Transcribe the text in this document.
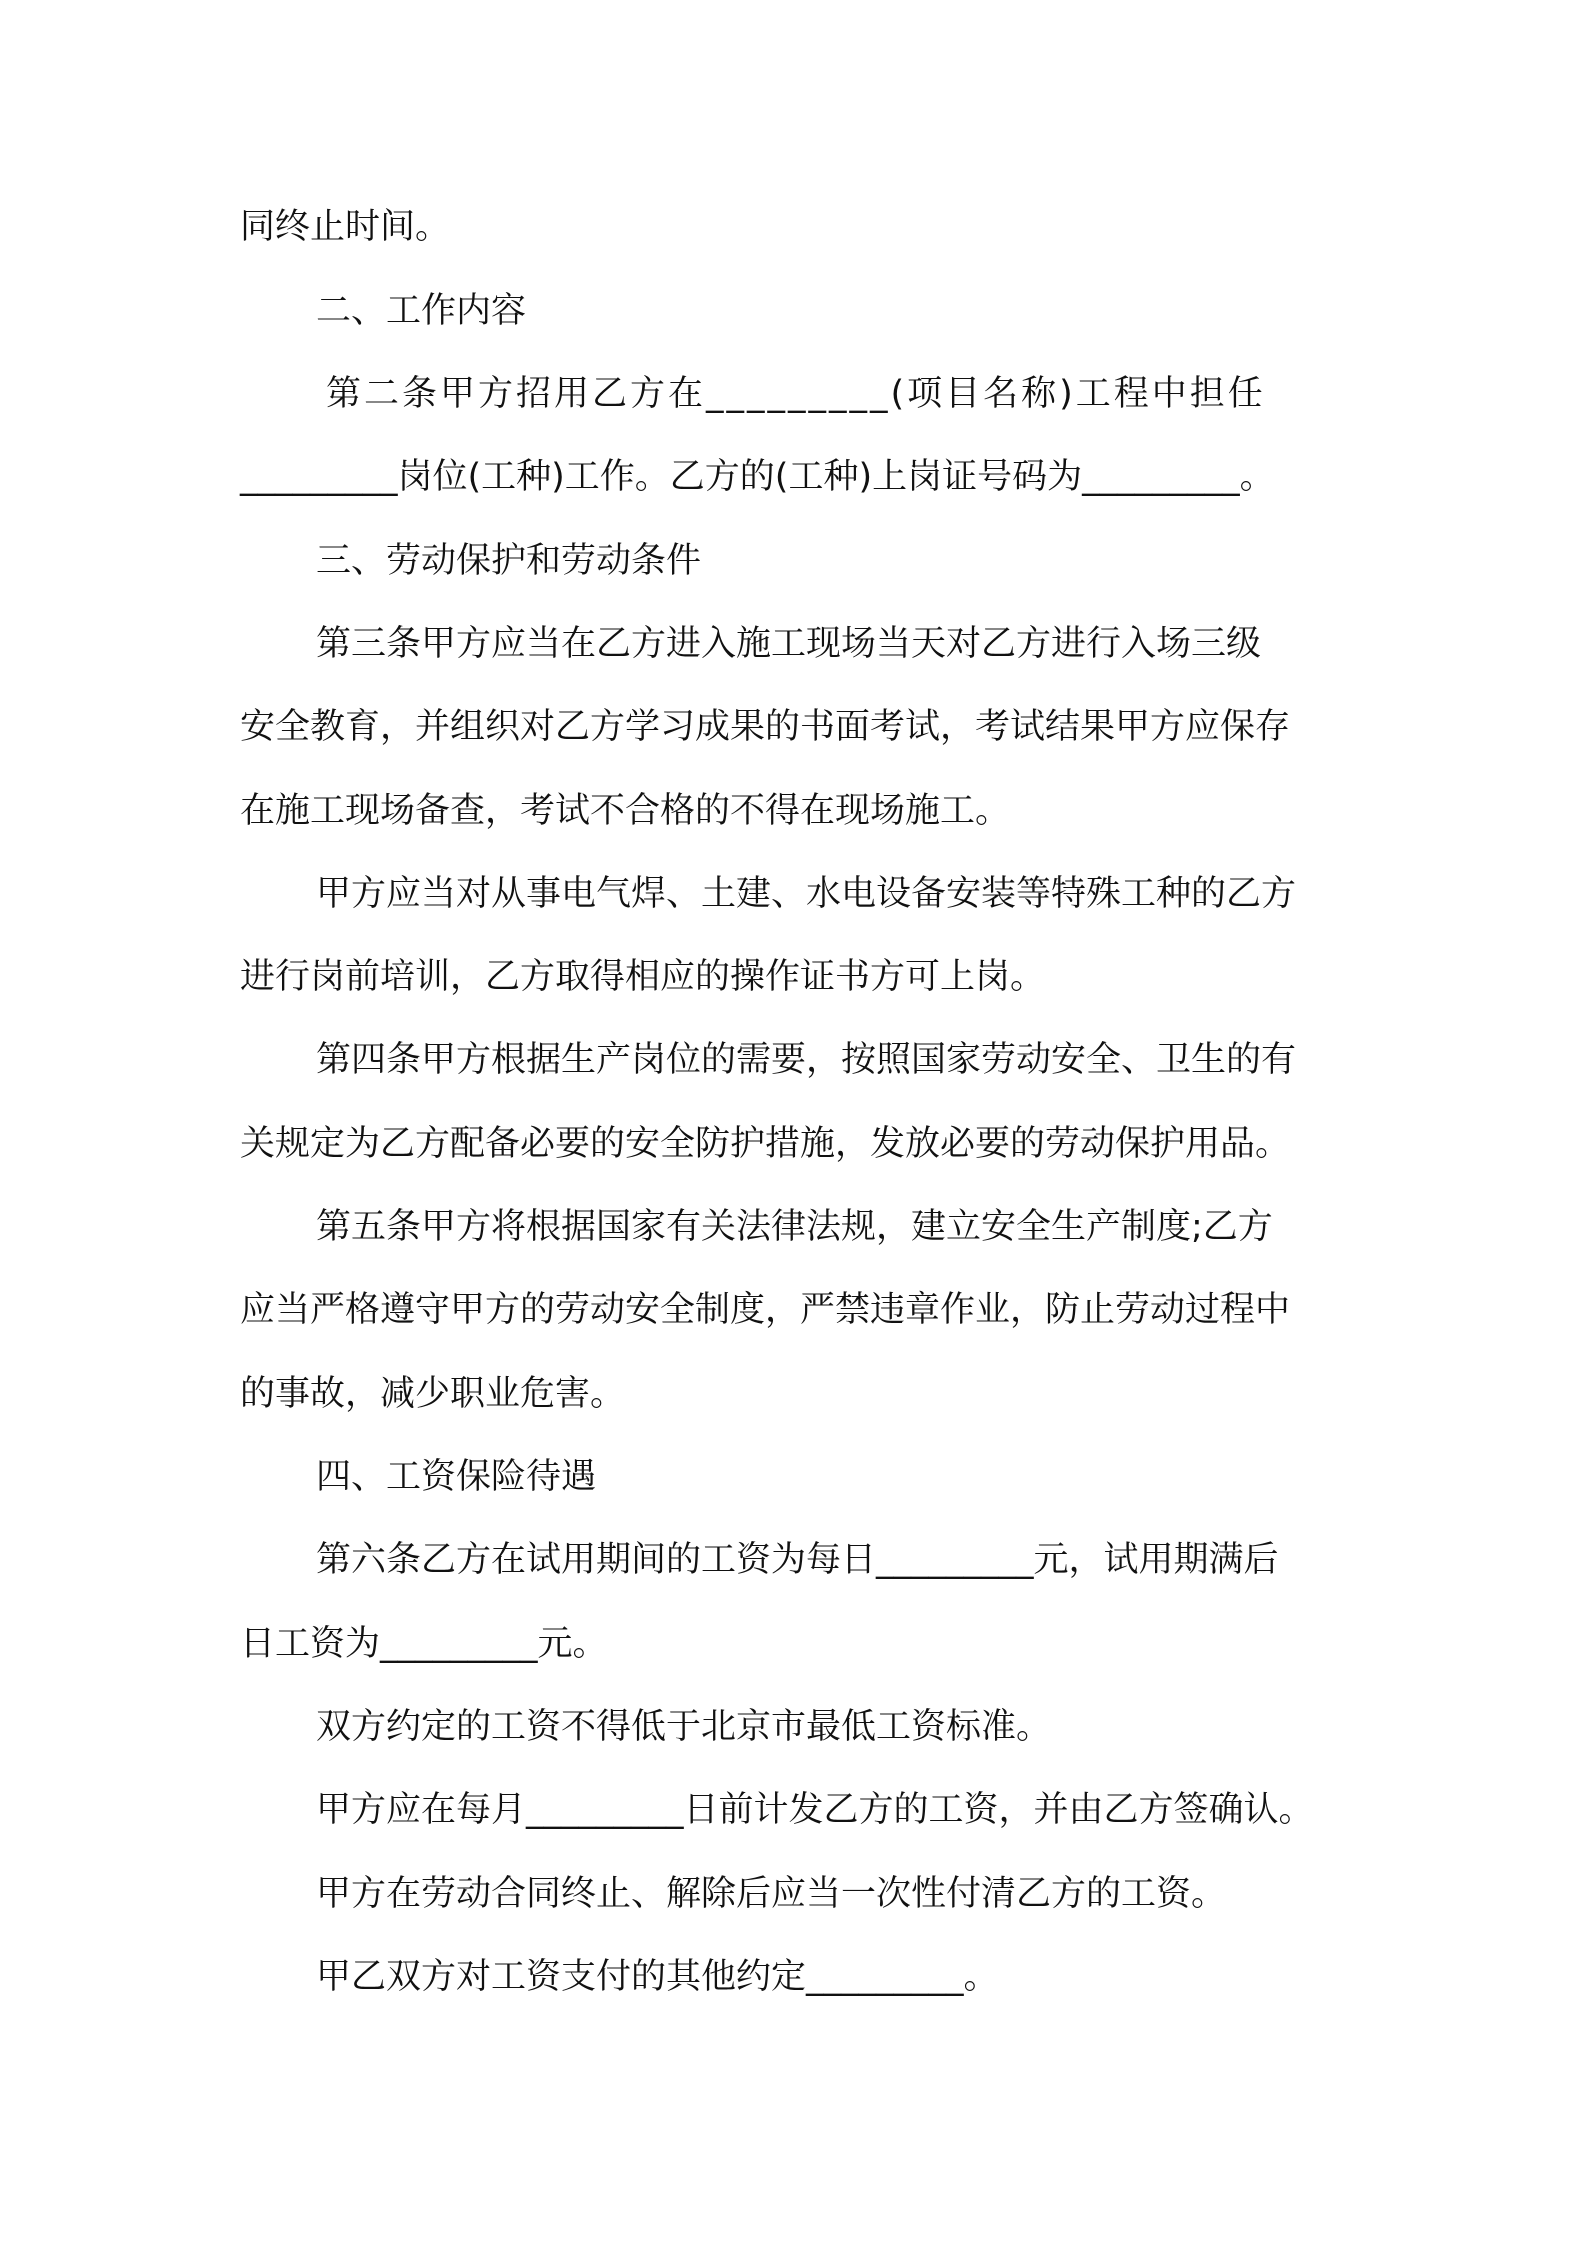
同终止时间。
二、工作内容
第二条甲方招用乙方在_________(项目名称)工程中担任
_________岗位(工种)工作。乙方的(工种)上岗证号码为_________。
三、劳动保护和劳动条件
第三条甲方应当在乙方进入施工现场当天对乙方进行入场三级
安全教育，并组织对乙方学习成果的书面考试，考试结果甲方应保存
在施工现场备查，考试不合格的不得在现场施工。
甲方应当对从事电气焊、土建、水电设备安装等特殊工种的乙方
进行岗前培训，乙方取得相应的操作证书方可上岗。
第四条甲方根据生产岗位的需要，按照国家劳动安全、卫生的有
关规定为乙方配备必要的安全防护措施，发放必要的劳动保护用品。
第五条甲方将根据国家有关法律法规，建立安全生产制度;乙方
应当严格遵守甲方的劳动安全制度，严禁违章作业，防止劳动过程中
的事故，减少职业危害。
四、工资保险待遇
第六条乙方在试用期间的工资为每日_________元，试用期满后
日工资为_________元。
双方约定的工资不得低于北京市最低工资标准。
甲方应在每月_________日前计发乙方的工资，并由乙方签确认。
甲方在劳动合同终止、解除后应当一次性付清乙方的工资。
甲乙双方对工资支付的其他约定_________。
